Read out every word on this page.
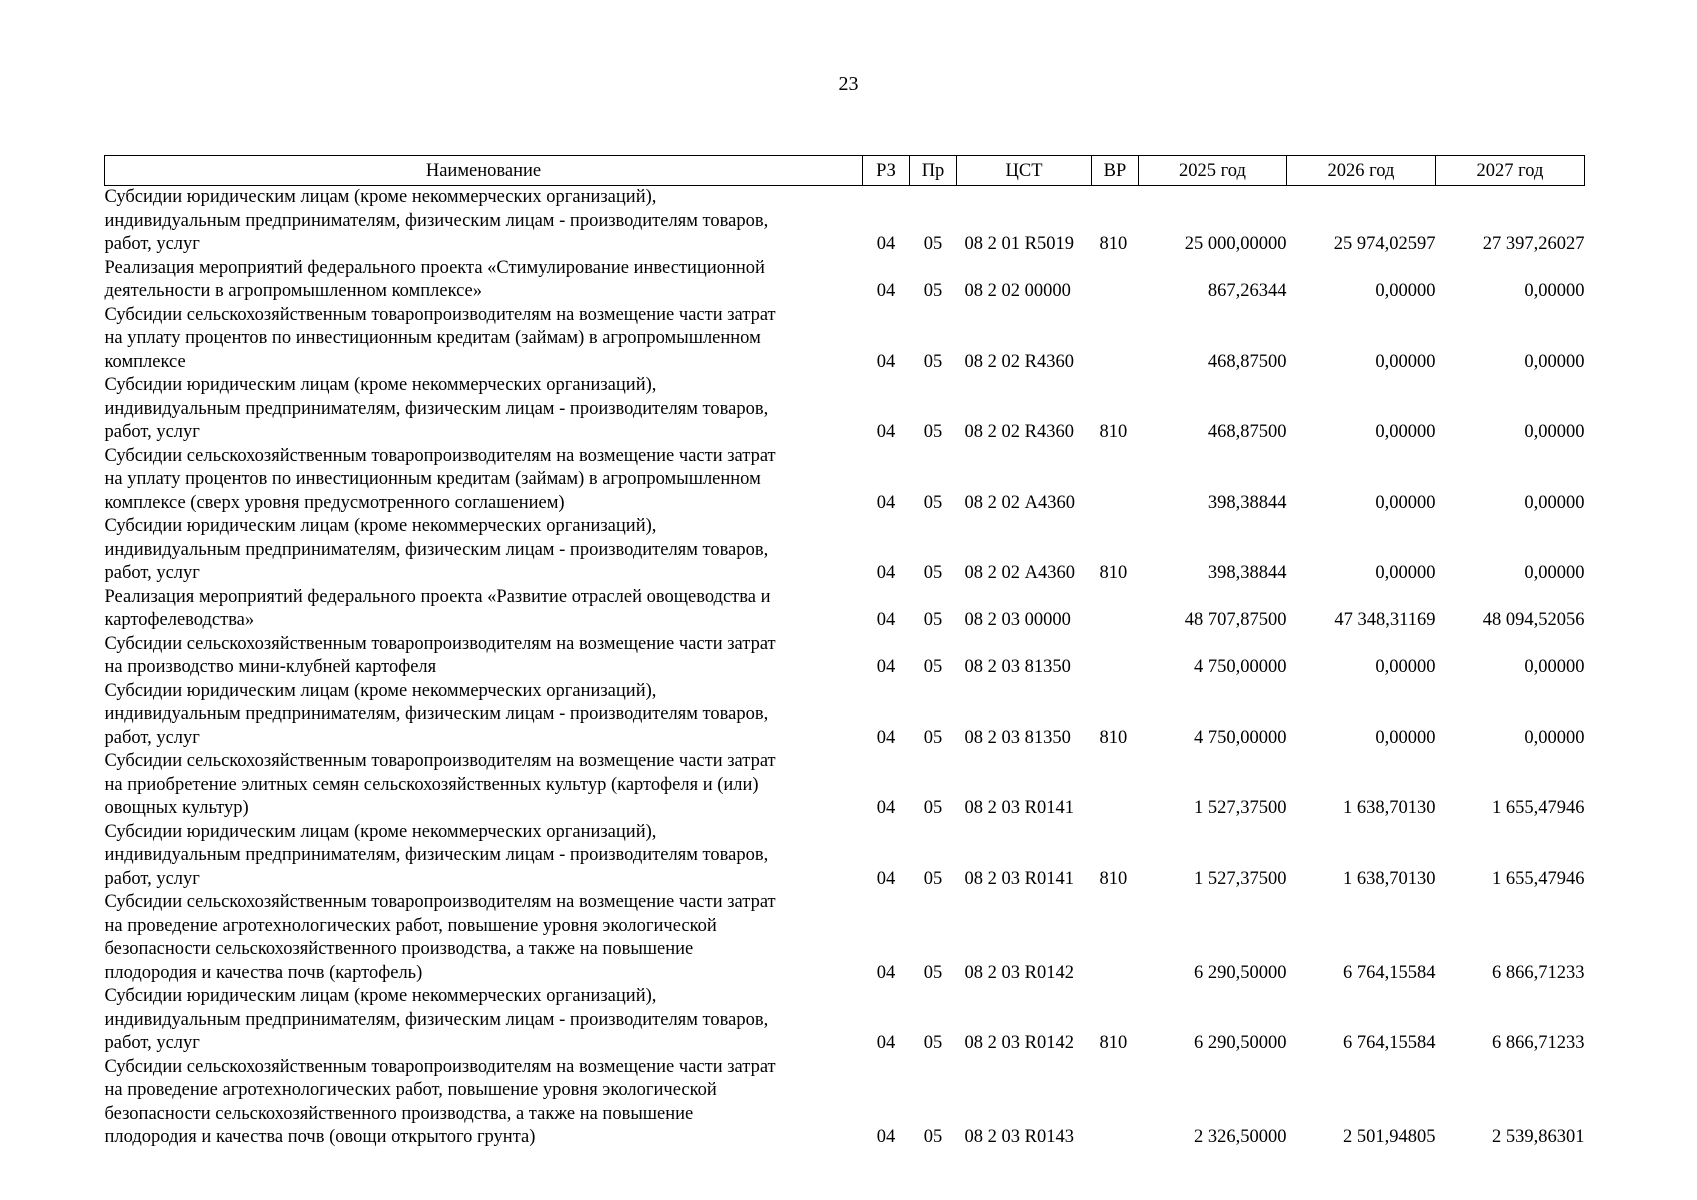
23
Наименование	РЗ	Пр	ЦСТ	ВР	2025 год	2026 год	2027 год

Субсидии юридическим лицам (кроме некоммерческих организаций),
индивидуальным предпринимателям, физическим лицам - производителям товаров,
работ, услуг	04	05	08 2 01 R5019	810	25 000,00000	25 974,02597	27 397,26027

Реализация мероприятий федерального проекта «Стимулирование инвестиционной
деятельности в агропромышленном комплексе»	04	05	08 2 02 00000		867,26344	0,00000	0,00000

Субсидии сельскохозяйственным товаропроизводителям на возмещение части затрат
на уплату процентов по инвестиционным кредитам (займам) в агропромышленном
комплексе	04	05	08 2 02 R4360		468,87500	0,00000	0,00000

Субсидии юридическим лицам (кроме некоммерческих организаций),
индивидуальным предпринимателям, физическим лицам - производителям товаров,
работ, услуг	04	05	08 2 02 R4360	810	468,87500	0,00000	0,00000

Субсидии сельскохозяйственным товаропроизводителям на возмещение части затрат
на уплату процентов по инвестиционным кредитам (займам) в агропромышленном
комплексе (сверх уровня предусмотренного соглашением)	04	05	08 2 02 А4360		398,38844	0,00000	0,00000

Субсидии юридическим лицам (кроме некоммерческих организаций),
индивидуальным предпринимателям, физическим лицам - производителям товаров,
работ, услуг	04	05	08 2 02 А4360	810	398,38844	0,00000	0,00000

Реализация мероприятий федерального проекта «Развитие отраслей овощеводства и
картофелеводства»	04	05	08 2 03 00000		48 707,87500	47 348,31169	48 094,52056

Субсидии сельскохозяйственным товаропроизводителям на возмещение части затрат
на производство мини-клубней картофеля	04	05	08 2 03 81350		4 750,00000	0,00000	0,00000

Субсидии юридическим лицам (кроме некоммерческих организаций),
индивидуальным предпринимателям, физическим лицам - производителям товаров,
работ, услуг	04	05	08 2 03 81350	810	4 750,00000	0,00000	0,00000

Субсидии сельскохозяйственным товаропроизводителям на возмещение части затрат
на приобретение элитных семян сельскохозяйственных культур (картофеля и (или)
овощных культур)	04	05	08 2 03 R0141		1 527,37500	1 638,70130	1 655,47946

Субсидии юридическим лицам (кроме некоммерческих организаций),
индивидуальным предпринимателям, физическим лицам - производителям товаров,
работ, услуг	04	05	08 2 03 R0141	810	1 527,37500	1 638,70130	1 655,47946

Субсидии сельскохозяйственным товаропроизводителям на возмещение части затрат
на проведение агротехнологических работ, повышение уровня экологической
безопасности сельскохозяйственного производства, а также на повышение
плодородия и качества почв (картофель)	04	05	08 2 03 R0142		6 290,50000	6 764,15584	6 866,71233

Субсидии юридическим лицам (кроме некоммерческих организаций),
индивидуальным предпринимателям, физическим лицам - производителям товаров,
работ, услуг	04	05	08 2 03 R0142	810	6 290,50000	6 764,15584	6 866,71233

Субсидии сельскохозяйственным товаропроизводителям на возмещение части затрат
на проведение агротехнологических работ, повышение уровня экологической
безопасности сельскохозяйственного производства, а также на повышение
плодородия и качества почв (овощи открытого грунта)	04	05	08 2 03 R0143		2 326,50000	2 501,94805	2 539,86301
